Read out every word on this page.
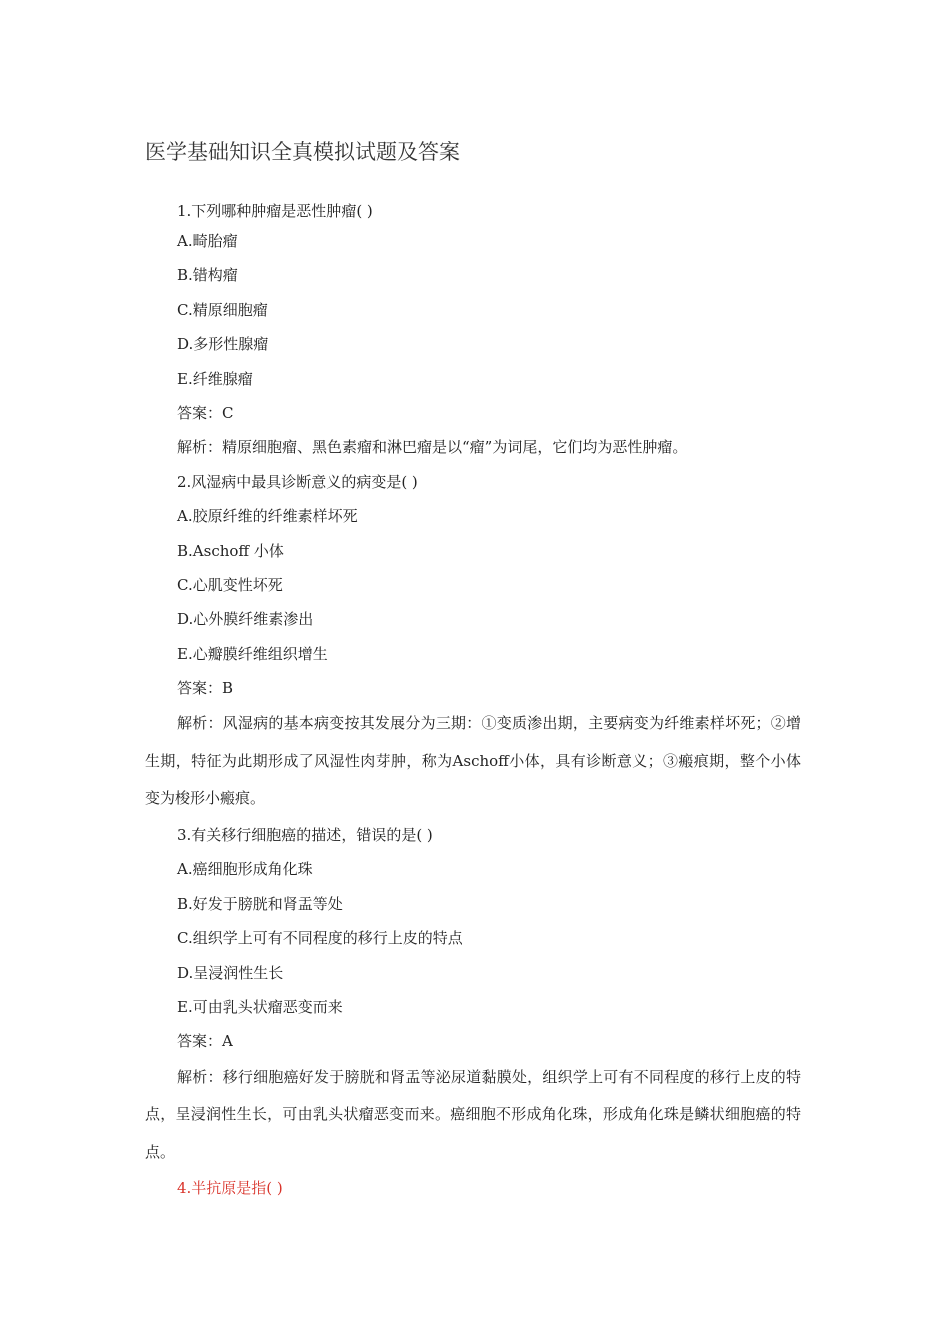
医学基础知识全真模拟试题及答案
1.下列哪种肿瘤是恶性肿瘤( )
A.畸胎瘤
B.错构瘤
C.精原细胞瘤
D.多形性腺瘤
E.纤维腺瘤
答案：C
解析：精原细胞瘤、黑色素瘤和淋巴瘤是以“瘤”为词尾，它们均为恶性肿瘤。
2.风湿病中最具诊断意义的病变是( )
A.胶原纤维的纤维素样坏死
B.Aschoff 小体
C.心肌变性坏死
D.心外膜纤维素渗出
E.心瓣膜纤维组织增生
答案：B
解析：风湿病的基本病变按其发展分为三期：①变质渗出期，主要病变为纤维素样坏死；②增生期，特征为此期形成了风湿性肉芽肿，称为Aschoff小体，具有诊断意义；③瘢痕期，整个小体变为梭形小瘢痕。
3.有关移行细胞癌的描述，错误的是( )
A.癌细胞形成角化珠
B.好发于膀胱和肾盂等处
C.组织学上可有不同程度的移行上皮的特点
D.呈浸润性生长
E.可由乳头状瘤恶变而来
答案：A
解析：移行细胞癌好发于膀胱和肾盂等泌尿道黏膜处，组织学上可有不同程度的移行上皮的特点，呈浸润性生长，可由乳头状瘤恶变而来。癌细胞不形成角化珠，形成角化珠是鳞状细胞癌的特点。
4.半抗原是指( )
